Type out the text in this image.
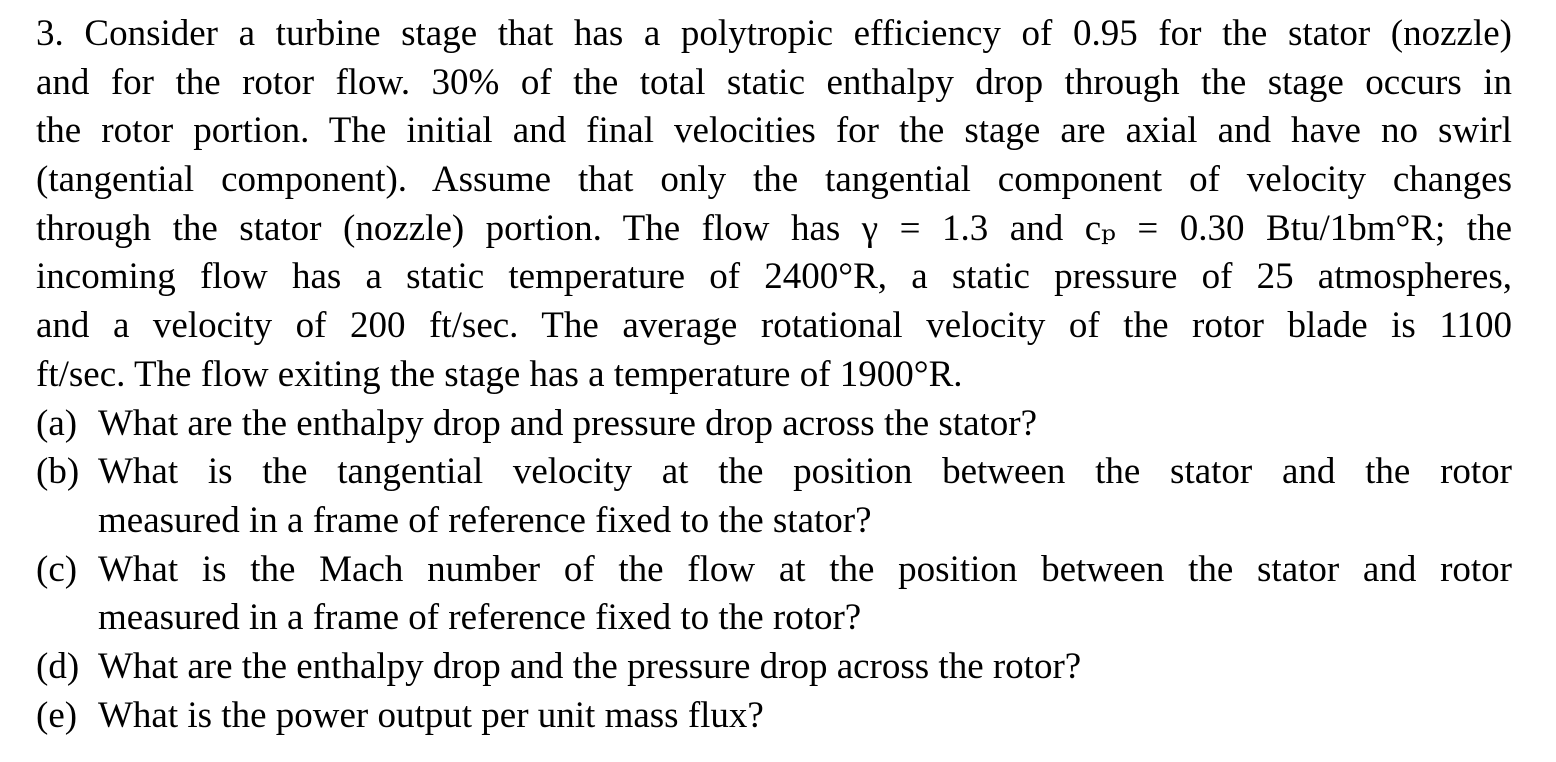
3. Consider a turbine stage that has a polytropic efficiency of 0.95 for the stator (nozzle)
and for the rotor flow. 30% of the total static enthalpy drop through the stage occurs in
the rotor portion. The initial and final velocities for the stage are axial and have no swirl
(tangential component). Assume that only the tangential component of velocity changes
through the stator (nozzle) portion. The flow has γ = 1.3 and cₚ = 0.30 Btu/1bm°R; the
incoming flow has a static temperature of 2400°R, a static pressure of 25 atmospheres,
and a velocity of 200 ft/sec. The average rotational velocity of the rotor blade is 1100
ft/sec. The flow exiting the stage has a temperature of 1900°R.
(a) What are the enthalpy drop and pressure drop across the stator?
(b) What is the tangential velocity at the position between the stator and the rotor
measured in a frame of reference fixed to the stator?
(c) What is the Mach number of the flow at the position between the stator and rotor
measured in a frame of reference fixed to the rotor?
(d) What are the enthalpy drop and the pressure drop across the rotor?
(e) What is the power output per unit mass flux?
